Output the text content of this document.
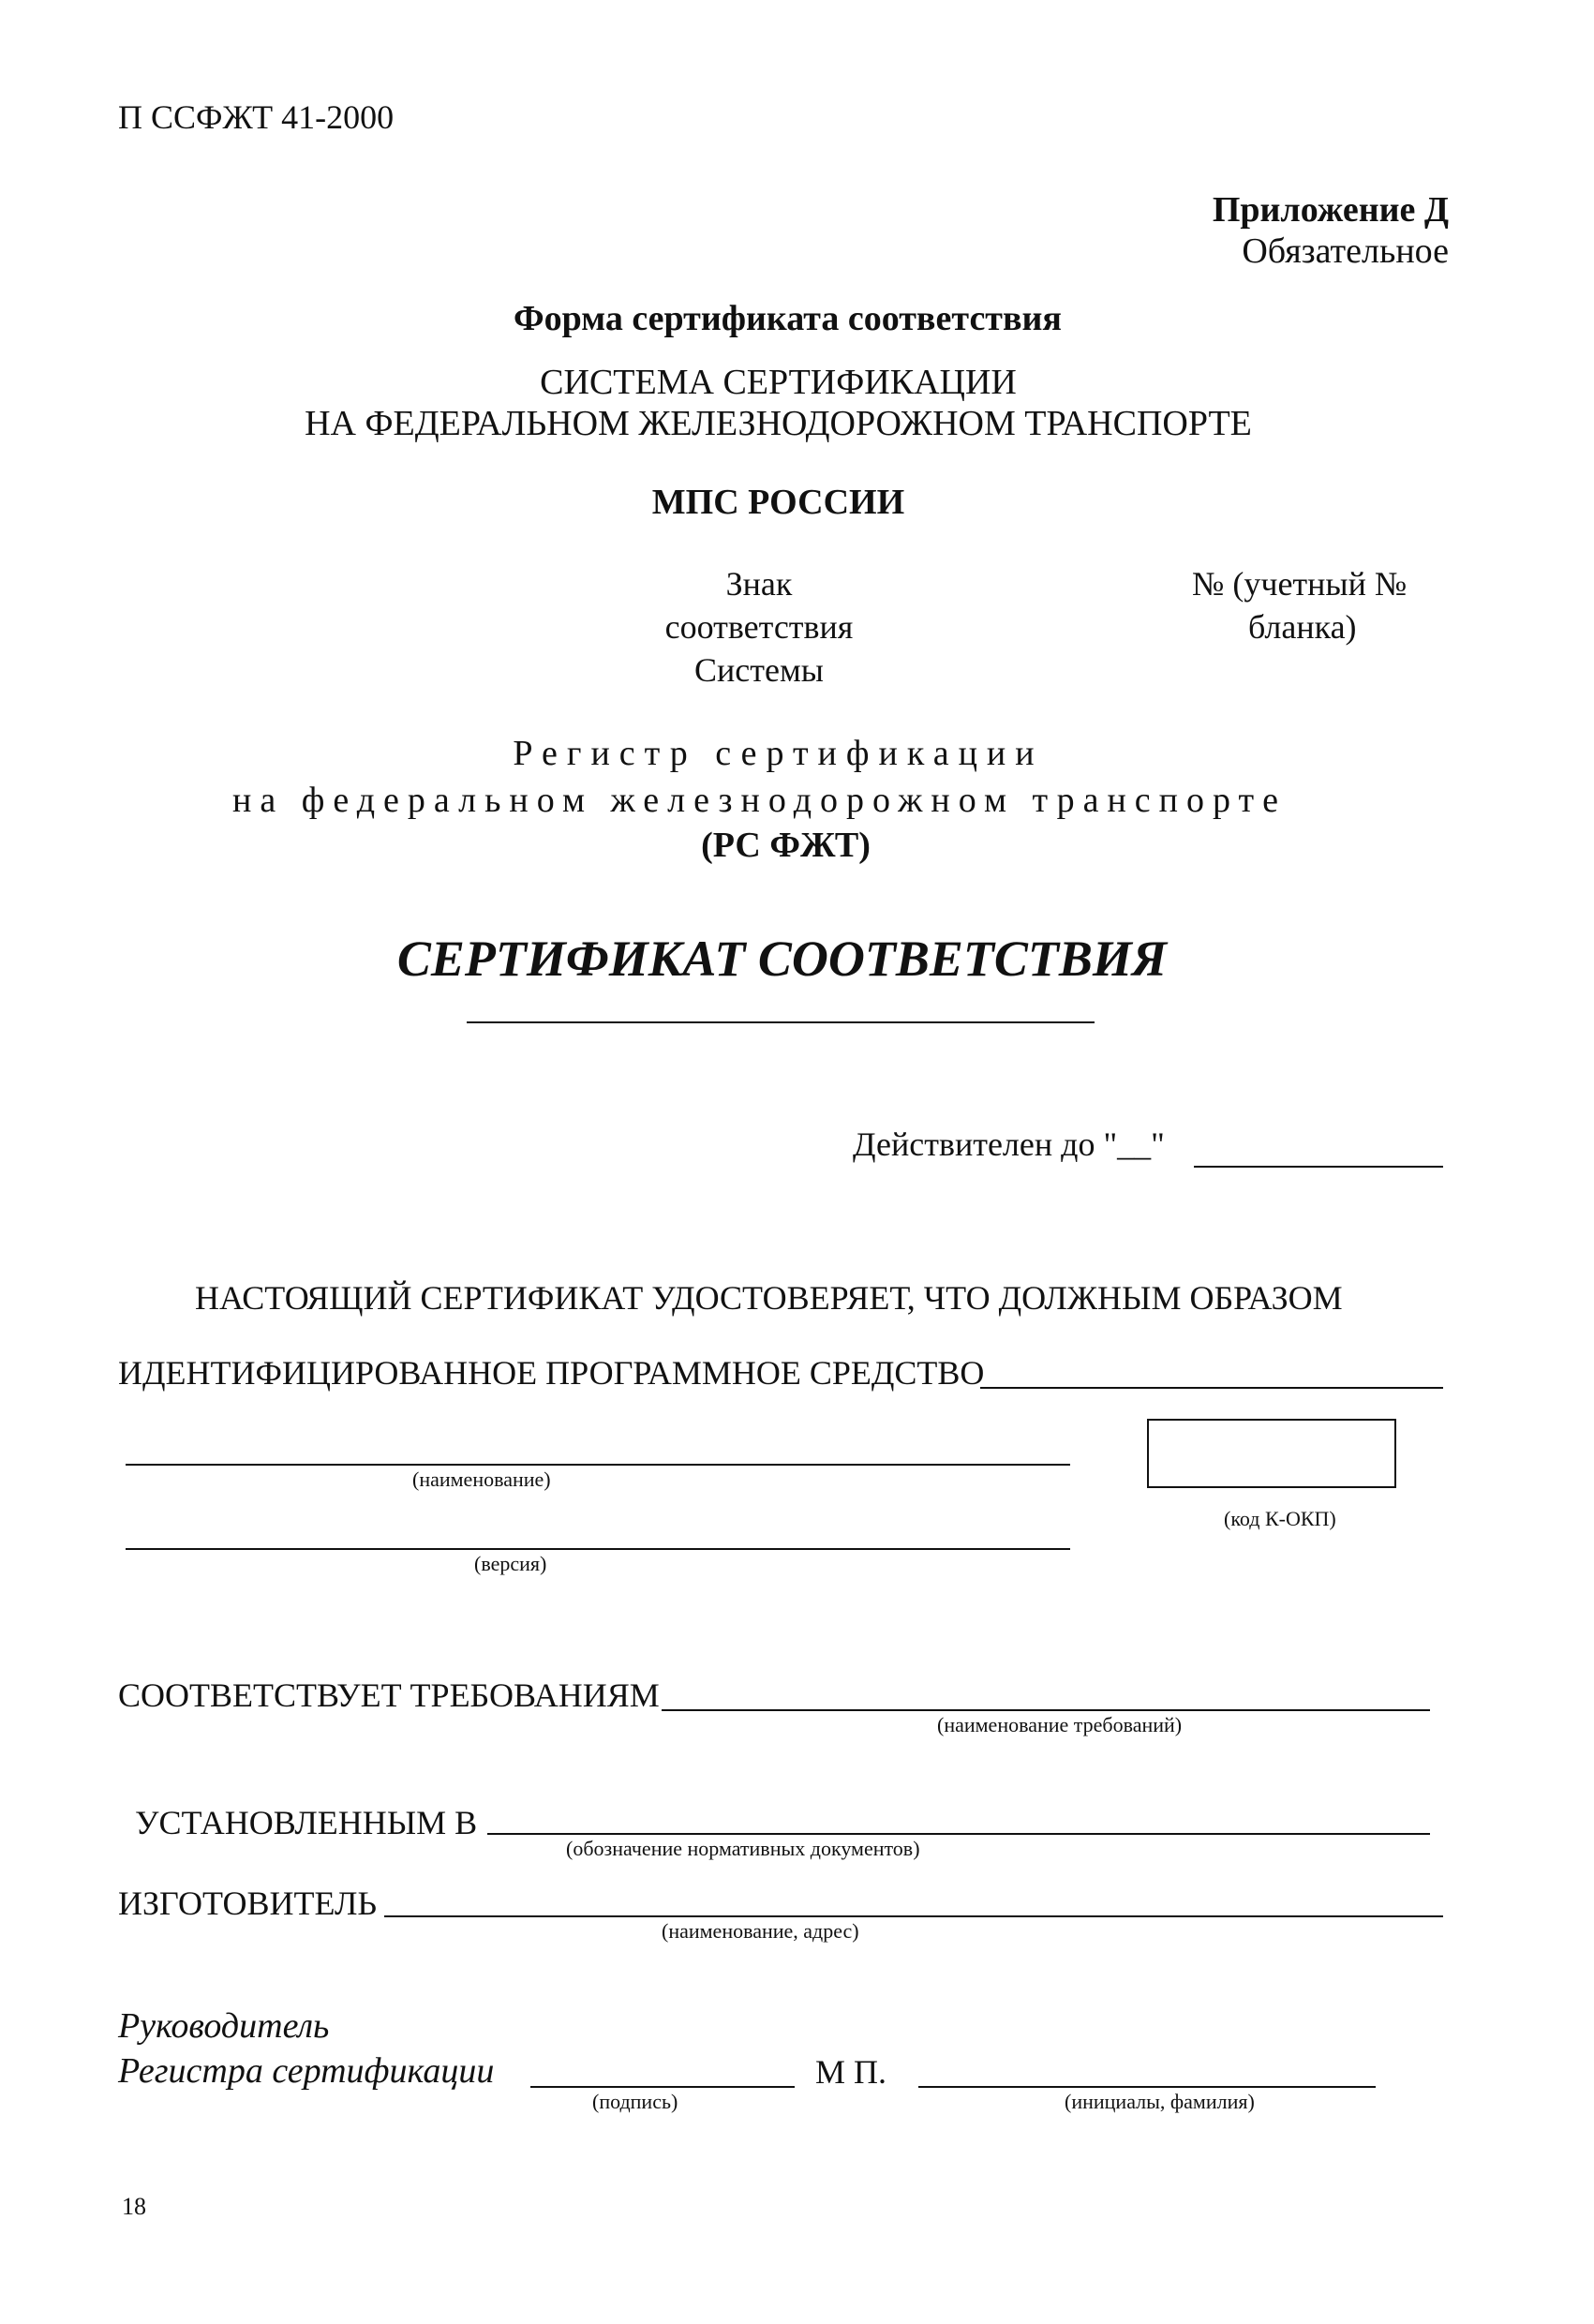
П ССФЖТ 41-2000
Приложение Д
Обязательное
Форма сертификата соответствия
СИСТЕМА СЕРТИФИКАЦИИ
НА ФЕДЕРАЛЬНОМ ЖЕЛЕЗНОДОРОЖНОМ ТРАНСПОРТЕ
МПС РОССИИ
Знак
соответствия
Системы
№ (учетный №
бланка)
Регистр сертификации
на федеральном железнодорожном транспорте
(РС ФЖТ)
СЕРТИФИКАТ СООТВЕТСТВИЯ
Действителен до "__"
НАСТОЯЩИЙ СЕРТИФИКАТ УДОСТОВЕРЯЕТ, ЧТО ДОЛЖНЫМ ОБРАЗОМ
ИДЕНТИФИЦИРОВАННОЕ ПРОГРАММНОЕ СРЕДСТВО
(наименование)
(код К-ОКП)
(версия)
СООТВЕТСТВУЕТ ТРЕБОВАНИЯМ
(наименование требований)
УСТАНОВЛЕННЫМ В
(обозначение нормативных документов)
ИЗГОТОВИТЕЛЬ
(наименование, адрес)
Руководитель
Регистра сертификации
(подпись)
М П.
(инициалы, фамилия)
18
